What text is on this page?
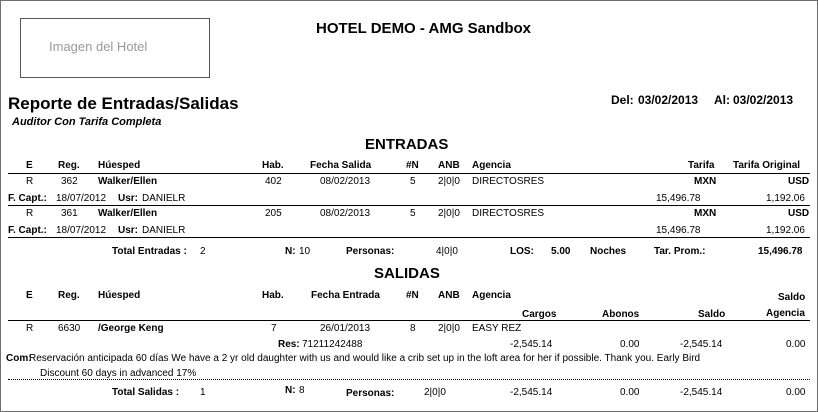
Imagen del Hotel
HOTEL DEMO - AMG Sandbox
Reporte de Entradas/Salidas
Auditor Con Tarifa Completa
Del: 03/02/2013 Al: 03/02/2013
ENTRADAS
E	Reg. Húesped	Hab.	Fecha Salida	#N ANB Agencia	Tarifa Tarifa Original
R	362 Walker/Ellen	402	08/02/2013	5 2|0|0 DIRECTOSRES	MXN	USD
F. Capt.: 18/07/2012 Usr: DANIELR	15,496.78	1,192.06
R	361 Walker/Ellen	205	08/02/2013	5 2|0|0 DIRECTOSRES	MXN	USD
F. Capt.: 18/07/2012 Usr: DANIELR	15,496.78	1,192.06
Total Entradas : 2	N: 10	Personas:	4|0|0	LOS: 5.00 Noches	Tar. Prom.:	15,496.78
SALIDAS
E	Reg. Húesped	Hab.	Fecha Entrada	#N ANB Agencia	Saldo
Cargos	Abonos	Saldo	Agencia
R 6630 /George Keng	7	26/01/2013	8 2|0|0 EASY REZ
Res: 71211242488	-2,545.14	0.00	-2,545.14	0.00
Com:
Reservación anticipada 60 días We have a 2 yr old daughter with us and would like a crib set up in the loft area for her if possible. Thank you. Early Bird
Discount 60 days in advanced 17%
Total Salidas : 1	N: 8	Personas:	2|0|0	-2,545.14	0.00	-2,545.14	0.00
